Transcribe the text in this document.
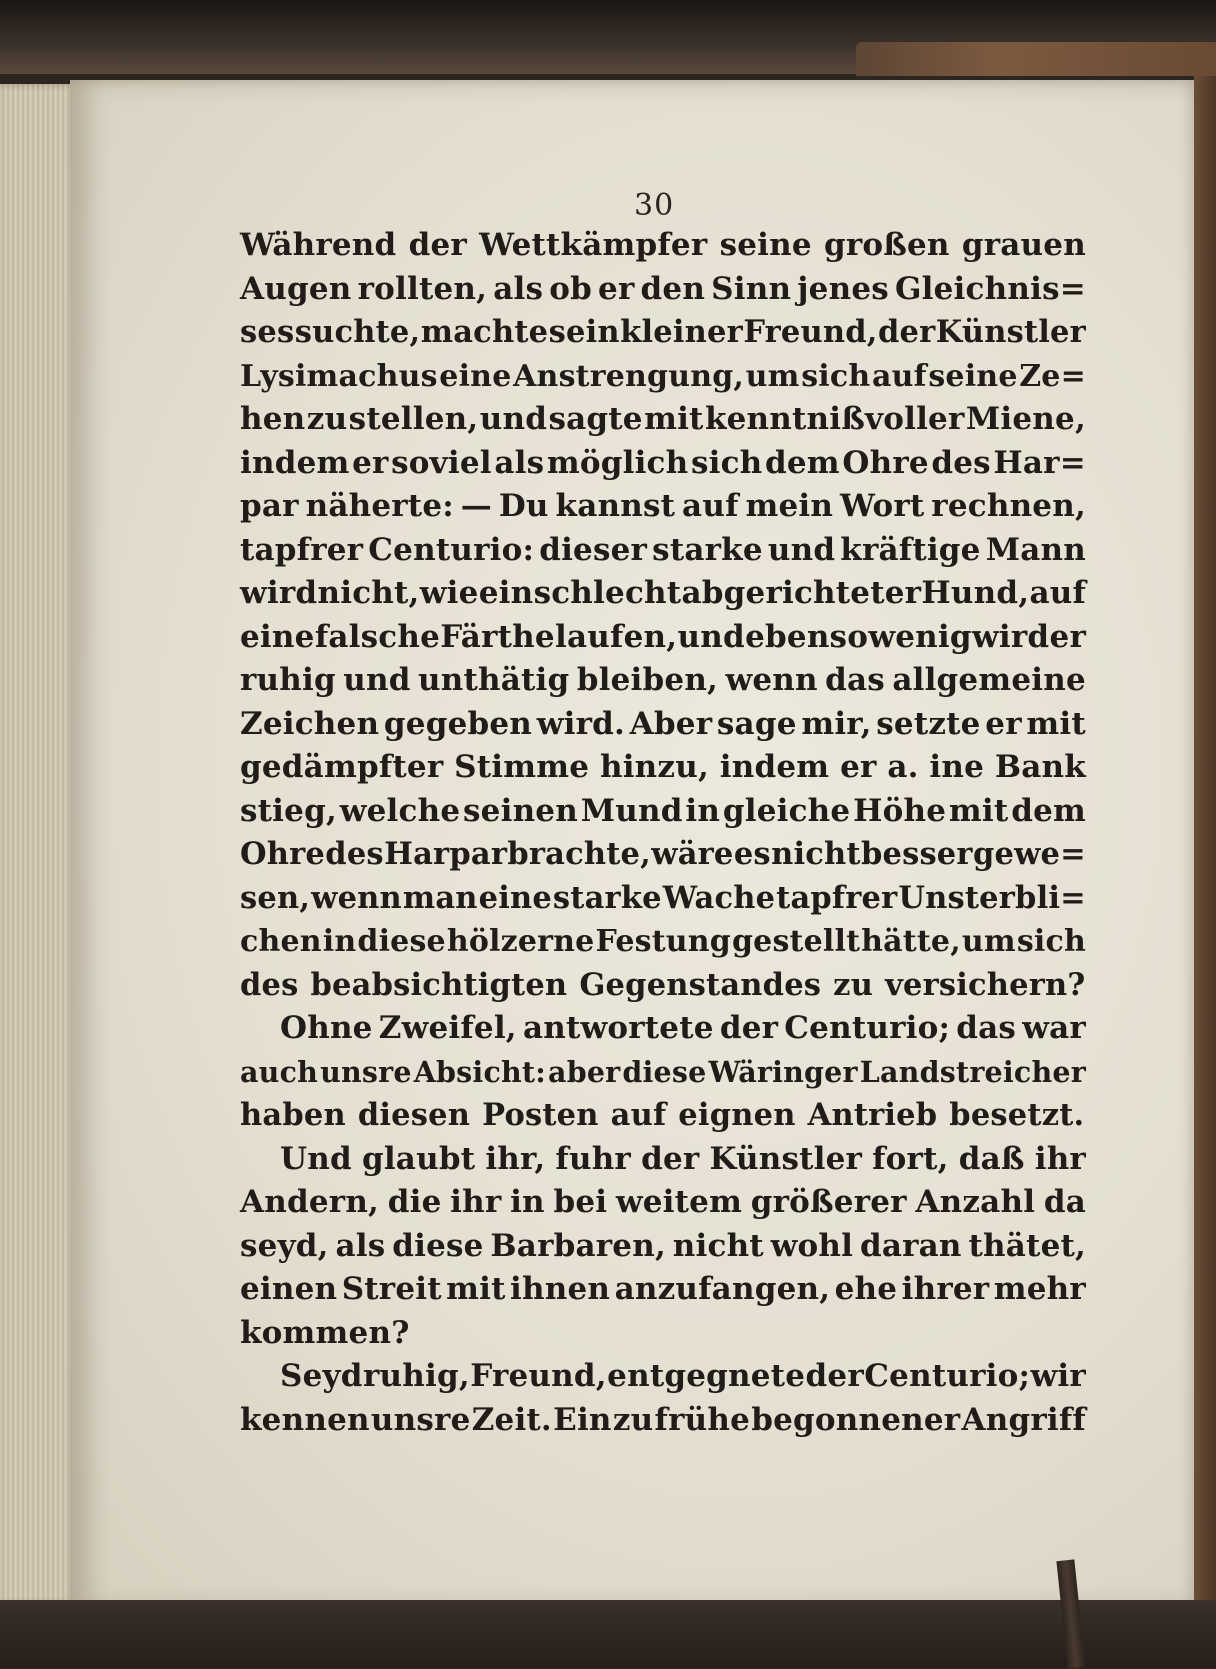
30
Während der Wettkämpfer seine großen grauen
Augen rollten, als ob er den Sinn jenes Gleichnis=
ses suchte, machte sein kleiner Freund, der Künstler
Lysimachus eine Anstrengung, um sich auf seine Ze=
hen zu stellen, und sagte mit kenntnißvoller Miene,
indem er soviel als möglich sich dem Ohre des Har=
par näherte: — Du kannst auf mein Wort rechnen,
tapfrer Centurio: dieser starke und kräftige Mann
wird nicht, wie ein schlecht abgerichteter Hund, auf
eine falsche Färthe laufen, und ebenso wenig wird er
ruhig und unthätig bleiben, wenn das allgemeine
Zeichen gegeben wird. Aber sage mir, setzte er mit
gedämpfter Stimme hinzu, indem er a. ine Bank
stieg, welche seinen Mund in gleiche Höhe mit dem
Ohre des Harpar brachte, wäre es nicht besser gewe=
sen, wenn man eine starke Wache tapfrer Unsterbli=
chen in diese hölzerne Festung gestellt hätte, um sich
des beabsichtigten Gegenstandes zu versichern?
Ohne Zweifel, antwortete der Centurio; das war
auch unsre Absicht: aber diese Wäringer Landstreicher
haben diesen Posten auf eignen Antrieb besetzt.
Und glaubt ihr, fuhr der Künstler fort, daß ihr
Andern, die ihr in bei weitem größerer Anzahl da
seyd, als diese Barbaren, nicht wohl daran thätet,
einen Streit mit ihnen anzufangen, ehe ihrer mehr
kommen?
Seyd ruhig, Freund, entgegnete der Centurio; wir
kennen unsre Zeit. Ein zu frühe begonnener Angriff
